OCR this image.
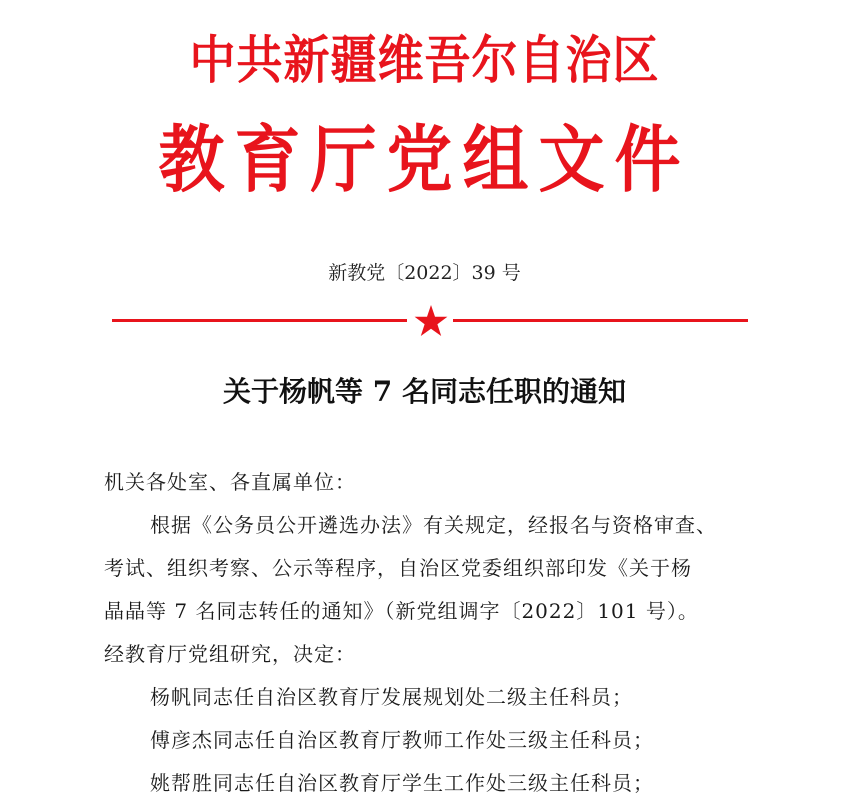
中共新疆维吾尔自治区
教育厅党组文件
新教党〔2022〕39 号
关于杨帆等 7 名同志任职的通知

机关各处室、各直属单位：

根据《公务员公开遴选办法》有关规定，经报名与资格审查、

考试、组织考察、公示等程序，自治区党委组织部印发《关于杨

晶晶等 7 名同志转任的通知》（新党组调字〔2022〕101 号）。

经教育厅党组研究，决定：

杨帆同志任自治区教育厅发展规划处二级主任科员；

傅彦杰同志任自治区教育厅教师工作处三级主任科员；

姚帮胜同志任自治区教育厅学生工作处三级主任科员；
